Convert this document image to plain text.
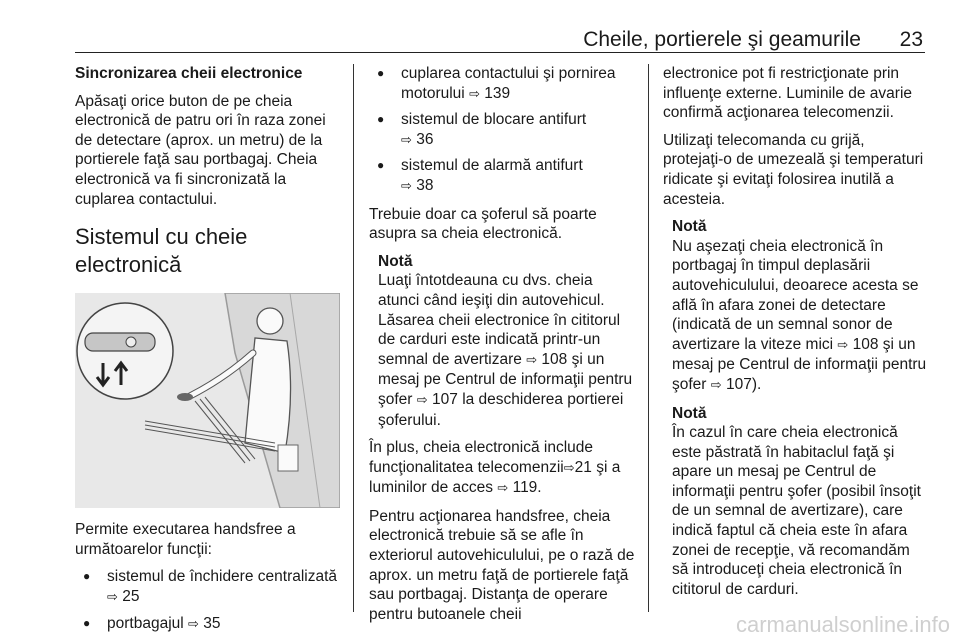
Cheile, portierele şi geamurile 23

Sincronizarea cheii electronice

Apăsaţi orice buton de pe cheia electronică de patru ori în raza zonei de detectare (aprox. un metru) de la portierele faţă sau portbagaj. Cheia electronică va fi sincronizată la cuplarea contactului.

Sistemul cu cheie electronică

Permite executarea handsfree a următoarelor funcţii:

● sistemul de închidere centralizată ⇨ 25
● portbagajul ⇨ 35
● cuplarea contactului şi pornirea motorului ⇨ 139
● sistemul de blocare antifurt
⇨ 36
● sistemul de alarmă antifurt
⇨ 38

Trebuie doar ca şoferul să poarte asupra sa cheia electronică.

Notă
Luaţi întotdeauna cu dvs. cheia atunci când ieşiţi din autovehicul.

Lăsarea cheii electronice în cititorul de carduri este indicată printr-un semnal de avertizare ⇨ 108 şi un mesaj pe Centrul de informaţii pentru şofer ⇨ 107 la deschiderea portierei şoferului.

În plus, cheia electronică include funcţionalitatea telecomenzii⇨21 şi a luminilor de acces ⇨ 119.

Pentru acţionarea handsfree, cheia electronică trebuie să se afle în exteriorul autovehiculului, pe o rază de aprox. un metru faţă de portierele faţă sau portbagaj. Distanţa de operare pentru butoanele cheii

electronice pot fi restricţionate prin influenţe externe. Luminile de avarie confirmă acţionarea telecomenzii.

Utilizaţi telecomanda cu grijă, protejaţi-o de umezeală şi temperaturi ridicate şi evitaţi folosirea inutilă a acesteia.

Notă
Nu aşezaţi cheia electronică în portbagaj în timpul deplasării autovehiculului, deoarece acesta se află în afara zonei de detectare (indicată de un semnal sonor de avertizare la viteze mici ⇨ 108 şi un mesaj pe Centrul de informaţii pentru şofer ⇨ 107).

Notă
În cazul în care cheia electronică este păstrată în habitaclul faţă şi apare un mesaj pe Centrul de informaţii pentru şofer (posibil însoţit de un semnal de avertizare), care indică faptul că cheia este în afara zonei de recepţie, vă recomandăm să introduceţi cheia electronică în cititorul de carduri.

carmanualsonline.info
